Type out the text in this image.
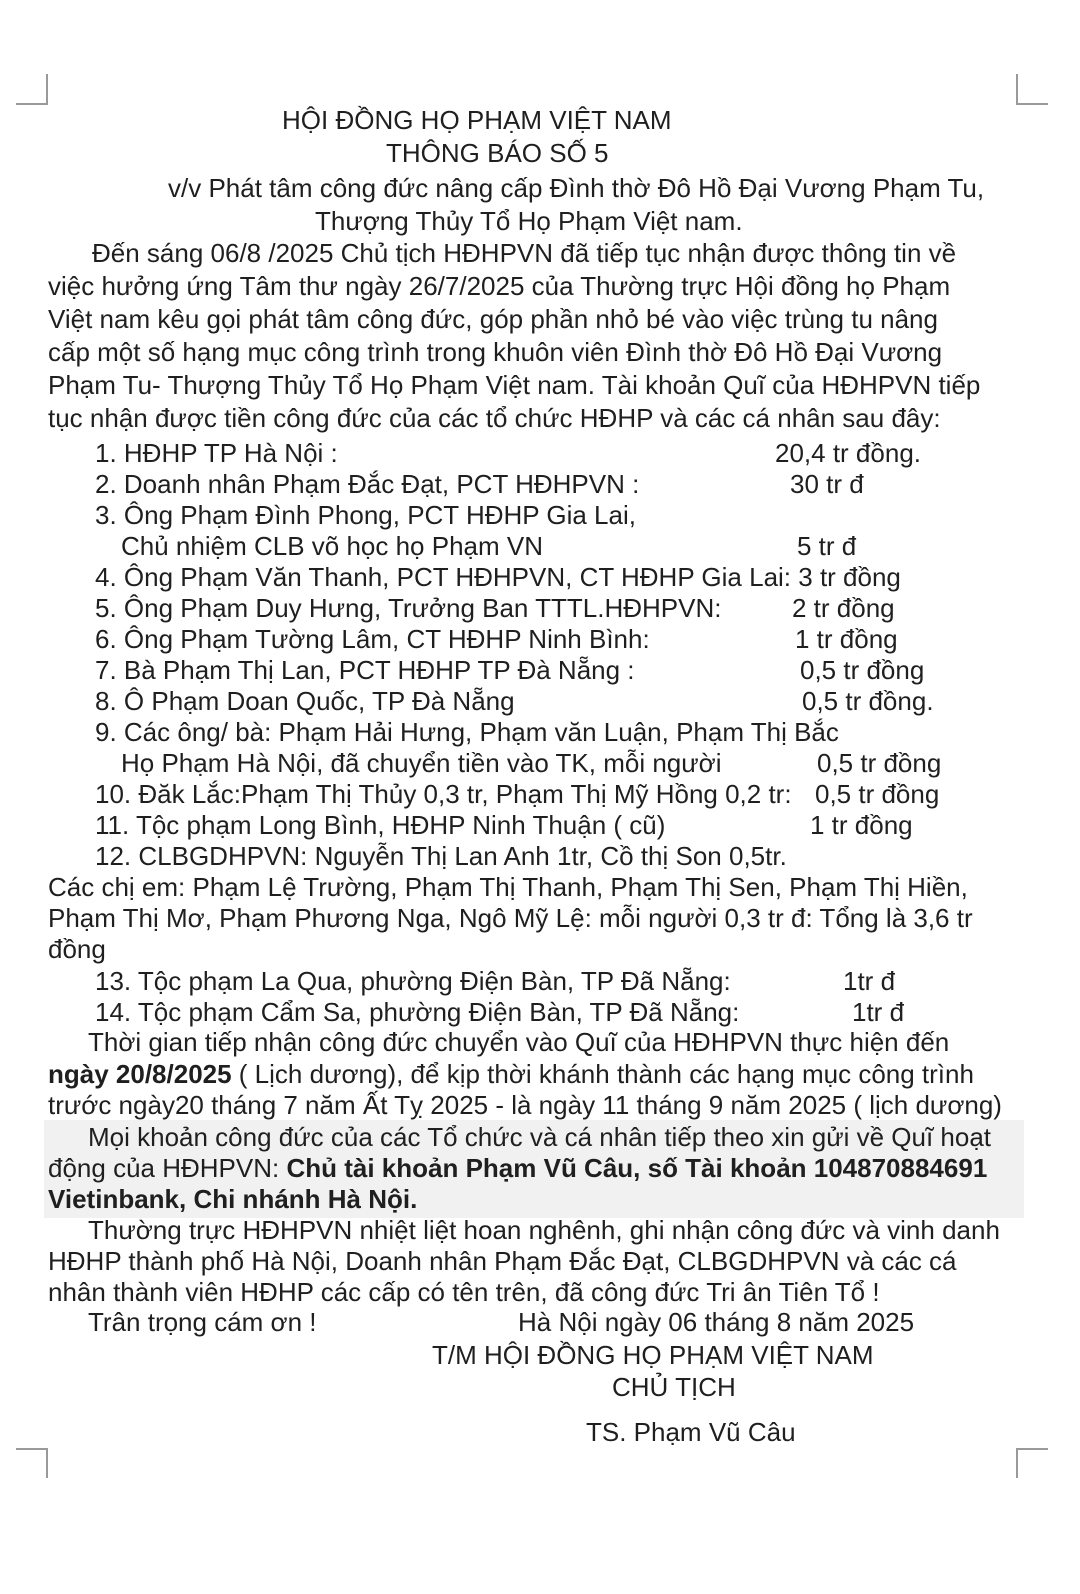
HỘI ĐỒNG HỌ PHẠM VIỆT NAM
THÔNG BÁO SỐ 5
v/v Phát tâm công đức nâng cấp Đình thờ Đô Hồ Đại Vương Phạm Tu,
Thượng Thủy Tổ Họ Phạm Việt nam.
Đến sáng 06/8 /2025 Chủ tịch HĐHPVN đã tiếp tục nhận được thông tin về
việc hưởng ứng Tâm thư ngày 26/7/2025 của Thường trực Hội đồng họ Phạm
Việt nam kêu gọi phát tâm công đức, góp phần nhỏ bé vào việc trùng tu nâng
cấp một số hạng mục công trình trong khuôn viên Đình thờ Đô Hồ Đại Vương
Phạm Tu- Thượng Thủy Tổ Họ Phạm Việt nam. Tài khoản Quĩ của HĐHPVN tiếp
tục nhận được tiền công đức của các tổ chức HĐHP và các cá nhân sau đây:
1. HĐHP TP Hà Nội :	20,4 tr đồng.
2. Doanh nhân Phạm Đắc Đạt, PCT HĐHPVN :	30 tr đ
3. Ông Phạm Đình Phong, PCT HĐHP Gia Lai,
Chủ nhiệm CLB võ học họ Phạm VN	5 tr đ
4. Ông Phạm Văn Thanh, PCT HĐHPVN, CT HĐHP Gia Lai: 3 tr đồng
5. Ông Phạm Duy Hưng, Trưởng Ban TTTL.HĐHPVN:	2 tr đồng
6. Ông Phạm Tường Lâm, CT HĐHP Ninh Bình:	1 tr đồng
7. Bà Phạm Thị Lan, PCT HĐHP TP Đà Nẵng :	0,5 tr đồng
8. Ô Phạm Doan Quốc, TP Đà Nẵng	0,5 tr đồng.
9. Các ông/ bà: Phạm Hải Hưng, Phạm văn Luận, Phạm Thị Bắc
Họ Phạm Hà Nội, đã chuyển tiền vào TK, mỗi người	0,5 tr đồng
10. Đăk Lắc:Phạm Thị Thủy 0,3 tr, Phạm Thị Mỹ Hồng 0,2 tr: 0,5 tr đồng
11. Tộc phạm Long Bình, HĐHP Ninh Thuận ( cũ)	1 tr đồng
12. CLBGDHPVN: Nguyễn Thị Lan Anh 1tr, Cồ thị Son 0,5tr.
Các chị em: Phạm Lệ Trường, Phạm Thị Thanh, Phạm Thị Sen, Phạm Thị Hiền,
Phạm Thị Mơ, Phạm Phương Nga, Ngô Mỹ Lệ: mỗi người 0,3 tr đ: Tổng là 3,6 tr
đồng
13. Tộc phạm La Qua, phường Điện Bàn, TP Đã Nẵng:	1tr đ
14. Tộc phạm Cẩm Sa, phường Điện Bàn, TP Đã Nẵng:	1tr đ
Thời gian tiếp nhận công đức chuyển vào Quĩ của HĐHPVN thực hiện đến
ngày 20/8/2025 ( Lịch dương), để kịp thời khánh thành các hạng mục công trình
trước ngày20 tháng 7 năm Ất Tỵ 2025 - là ngày 11 tháng 9 năm 2025 ( lịch dương)
Mọi khoản công đức của các Tổ chức và cá nhân tiếp theo xin gửi về Quĩ hoạt
động của HĐHPVN: Chủ tài khoản Phạm Vũ Câu, số Tài khoản 104870884691
Vietinbank, Chi nhánh Hà Nội.
Thường trực HĐHPVN nhiệt liệt hoan nghênh, ghi nhận công đức và vinh danh
HĐHP thành phố Hà Nội, Doanh nhân Phạm Đắc Đạt, CLBGDHPVN và các cá
nhân thành viên HĐHP các cấp có tên trên, đã công đức Tri ân Tiên Tổ !
Trân trọng cám ơn !	Hà Nội ngày 06 tháng 8 năm 2025
T/M HỘI ĐỒNG HỌ PHẠM VIỆT NAM
CHỦ TỊCH
TS. Phạm Vũ Câu
